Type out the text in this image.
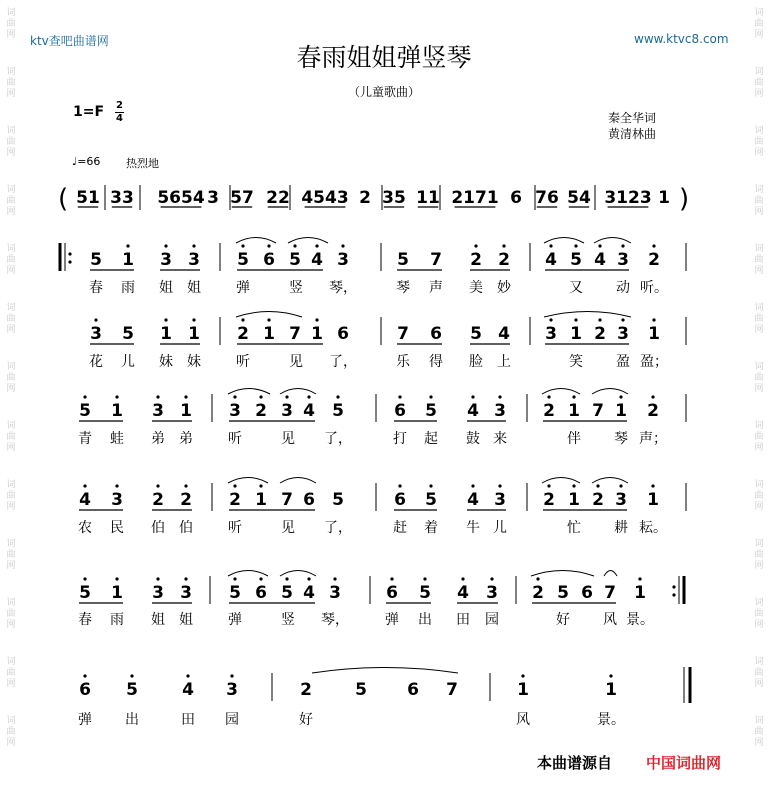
词
曲
网
词
曲
网
词
曲
网
词
曲
网
词
曲
网
词
曲
网
词
曲
网
词
曲
网
词
曲
网
词
曲
网
词
曲
网
词
曲
网
词
曲
网
词
曲
网
词
曲
网
词
曲
网
词
曲
网
词
曲
网
词
曲
网
词
曲
网
词
曲
网
词
曲
网
词
曲
网
词
曲
网
词
曲
网
词
曲
网
ktv查吧曲谱网	www.ktvc8.com
春雨姐姐弹竖琴
（儿童歌曲）
1=F 2
4	秦全华词
黄清林曲
♩=66 热烈地
(	)
51 33 5654 3 57 22 4543 2 35 11 2171 6 76 54 3123 1
5 1 3 3 5 6 5 4 3	5 7 2 2 4 5 4 3 2
春 雨 姐 姐	弹	竖 琴，	琴 声 美 妙	又 动 听。
3 5 1 1 2 1 7 1 6	7 6 5 4 3 1 2 3 1
花 儿 妹 妹	听	见 了，	乐 得 脸 上	笑 盈 盈；
5 1 3 1 3 2 3 4 5	6 5 4 3 2 1 7 1 2
青 蛙 弟 弟	听	见 了，	打 起 鼓 来	伴 琴 声；
4 3 2 2 2 1 7 6 5	6 5 4 3 2 1 2 3 1
农 民 伯 伯	听	见 了，	赶 着 牛 儿	忙 耕 耘。
5 1 3 3 5 6 5 4 3	6 5 4 3 2 5 6 7 1
春 雨 姐 姐	弹	竖 琴，	弹 出 田 园	好 风 景。
6 5	4 3	2	5 6 7	1	1
弹 出	田 园	好	风	景。
本曲谱源自 中国词曲网
